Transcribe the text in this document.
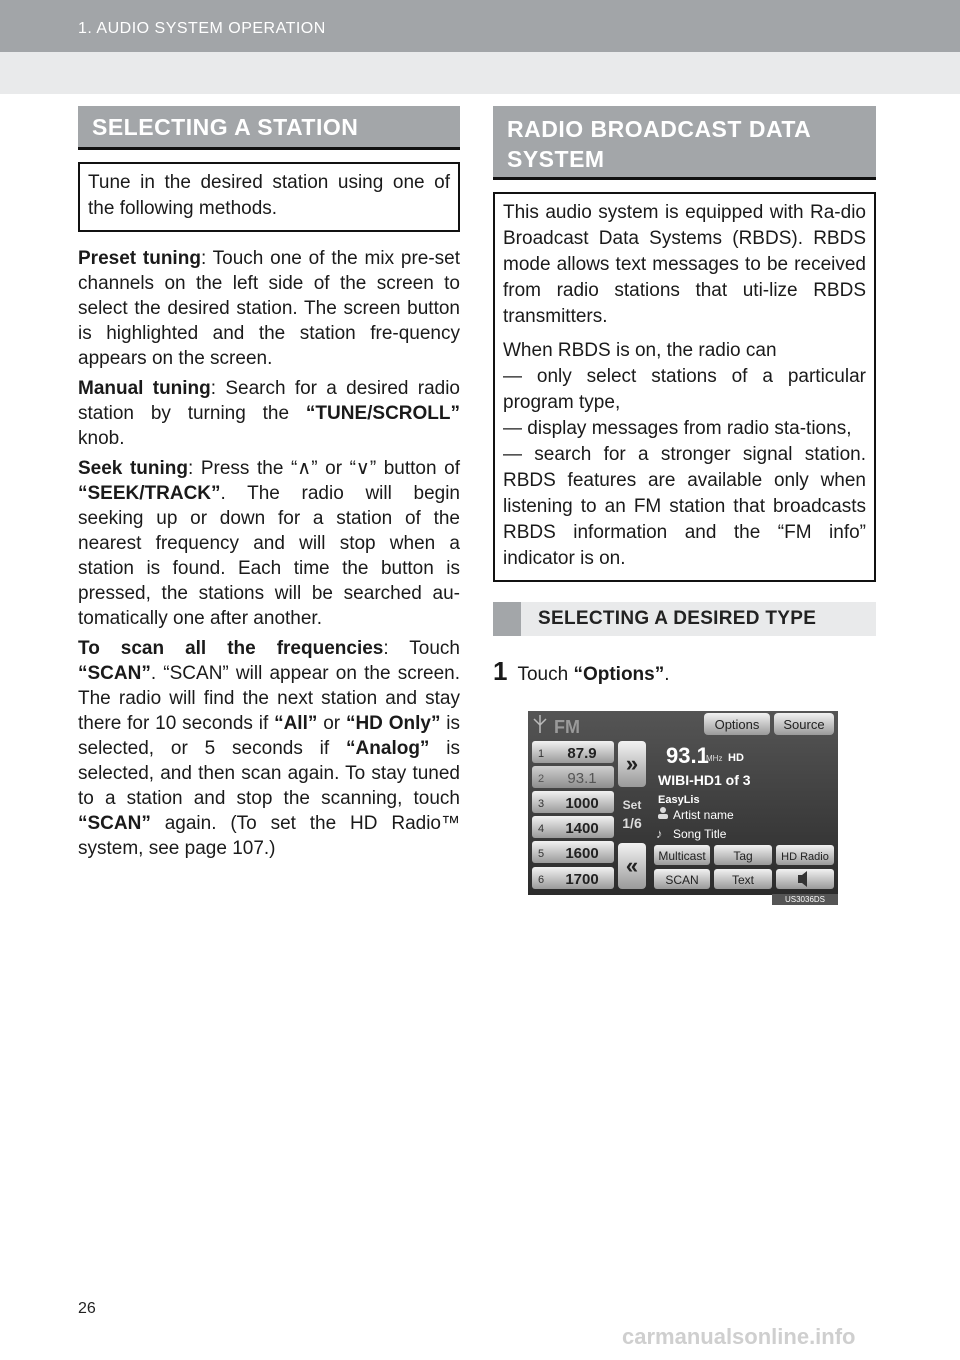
1. AUDIO SYSTEM OPERATION
SELECTING A STATION

Tune in the desired station using one of the following methods.

Preset tuning: Touch one of the mix pre-set channels on the left side of the screen to select the desired station. The screen button is highlighted and the station fre-quency appears on the screen.

Manual tuning: Search for a desired radio station by turning the “TUNE/SCROLL” knob.

Seek tuning: Press the “∧” or “∨” button of “SEEK/TRACK”. The radio will begin seeking up or down for a station of the nearest frequency and will stop when a station is found. Each time the button is pressed, the stations will be searched au-tomatically one after another.

To scan all the frequencies: Touch “SCAN”. “SCAN” will appear on the screen. The radio will find the next station and stay there for 10 seconds if “All” or “HD Only” is selected, or 5 seconds if “Analog” is selected, and then scan again. To stay tuned to a station and stop the scanning, touch “SCAN” again. (To set the HD Radio™ system, see page 107.)

RADIO BROADCAST DATA
SYSTEM

This audio system is equipped with Ra-dio Broadcast Data Systems (RBDS). RBDS mode allows text messages to be received from radio stations that uti-lize RBDS transmitters.

When RBDS is on, the radio can
— only select stations of a particular program type,
— display messages from radio sta-tions,
— search for a stronger signal station. RBDS features are available only when listening to an FM station that broadcasts RBDS information and the “FM info” indicator is on.

SELECTING A DESIRED TYPE
1 Touch “Options”.
FM	Options Source
1 87.9
2 93.1
3 1000
4 1400
5 1600
6 1700
»
Set
1/6
«
93.1
MHz HD
WIBI-HD1 of 3
EasyLis
Artist name
♪ Song Title
Multicast Tag	HD Radio
SCAN	Text
US3036DS
26
carmanualsonline.info
